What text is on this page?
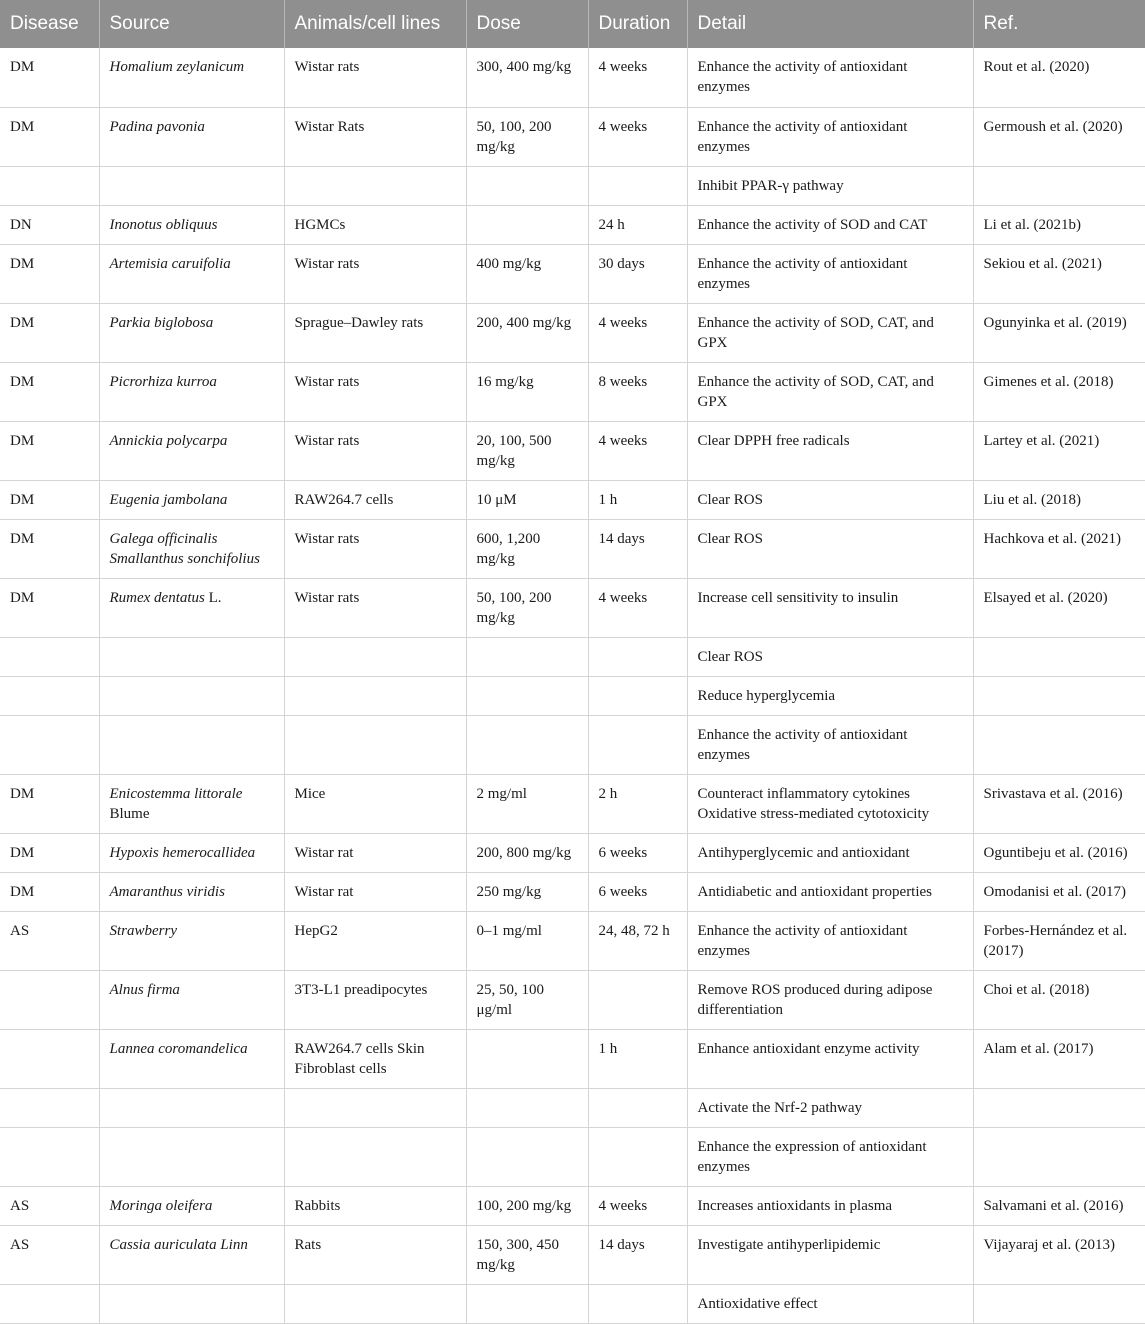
Disease	Source	Animals/cell lines	Dose	Duration	Detail	Ref.
DM	Homalium zeylanicum	Wistar rats	300, 400 mg/kg	4 weeks	Enhance the activity of antioxidant enzymes	Rout et al. (2020)
DM	Padina pavonia	Wistar Rats	50, 100, 200 mg/kg	4 weeks	Enhance the activity of antioxidant enzymes	Germoush et al. (2020)
					Inhibit PPAR-γ pathway	
DN	Inonotus obliquus	HGMCs		24 h	Enhance the activity of SOD and CAT	Li et al. (2021b)
DM	Artemisia caruifolia	Wistar rats	400 mg/kg	30 days	Enhance the activity of antioxidant enzymes	Sekiou et al. (2021)
DM	Parkia biglobosa	Sprague–Dawley rats	200, 400 mg/kg	4 weeks	Enhance the activity of SOD, CAT, and GPX	Ogunyinka et al. (2019)
DM	Picrorhiza kurroa	Wistar rats	16 mg/kg	8 weeks	Enhance the activity of SOD, CAT, and GPX	Gimenes et al. (2018)
DM	Annickia polycarpa	Wistar rats	20, 100, 500 mg/kg	4 weeks	Clear DPPH free radicals	Lartey et al. (2021)
DM	Eugenia jambolana	RAW264.7 cells	10 μM	1 h	Clear ROS	Liu et al. (2018)
DM	Galega officinalis Smallanthus sonchifolius	Wistar rats	600, 1,200 mg/kg	14 days	Clear ROS	Hachkova et al. (2021)
DM	Rumex dentatus L.	Wistar rats	50, 100, 200 mg/kg	4 weeks	Increase cell sensitivity to insulin	Elsayed et al. (2020)
					Clear ROS	
					Reduce hyperglycemia	
					Enhance the activity of antioxidant enzymes	
DM	Enicostemma littorale Blume	Mice	2 mg/ml	2 h	Counteract inflammatory cytokines Oxidative stress-mediated cytotoxicity	Srivastava et al. (2016)
DM	Hypoxis hemerocallidea	Wistar rat	200, 800 mg/kg	6 weeks	Antihyperglycemic and antioxidant	Oguntibeju et al. (2016)
DM	Amaranthus viridis	Wistar rat	250 mg/kg	6 weeks	Antidiabetic and antioxidant properties	Omodanisi et al. (2017)
AS	Strawberry	HepG2	0–1 mg/ml	24, 48, 72 h	Enhance the activity of antioxidant enzymes	Forbes-Hernández et al. (2017)
	Alnus firma	3T3-L1 preadipocytes	25, 50, 100 μg/ml		Remove ROS produced during adipose differentiation	Choi et al. (2018)
	Lannea coromandelica	RAW264.7 cells Skin Fibroblast cells		1 h	Enhance antioxidant enzyme activity	Alam et al. (2017)
					Activate the Nrf-2 pathway	
					Enhance the expression of antioxidant enzymes	
AS	Moringa oleifera	Rabbits	100, 200 mg/kg	4 weeks	Increases antioxidants in plasma	Salvamani et al. (2016)
AS	Cassia auriculata Linn	Rats	150, 300, 450 mg/kg	14 days	Investigate antihyperlipidemic	Vijayaraj et al. (2013)
					Antioxidative effect	
